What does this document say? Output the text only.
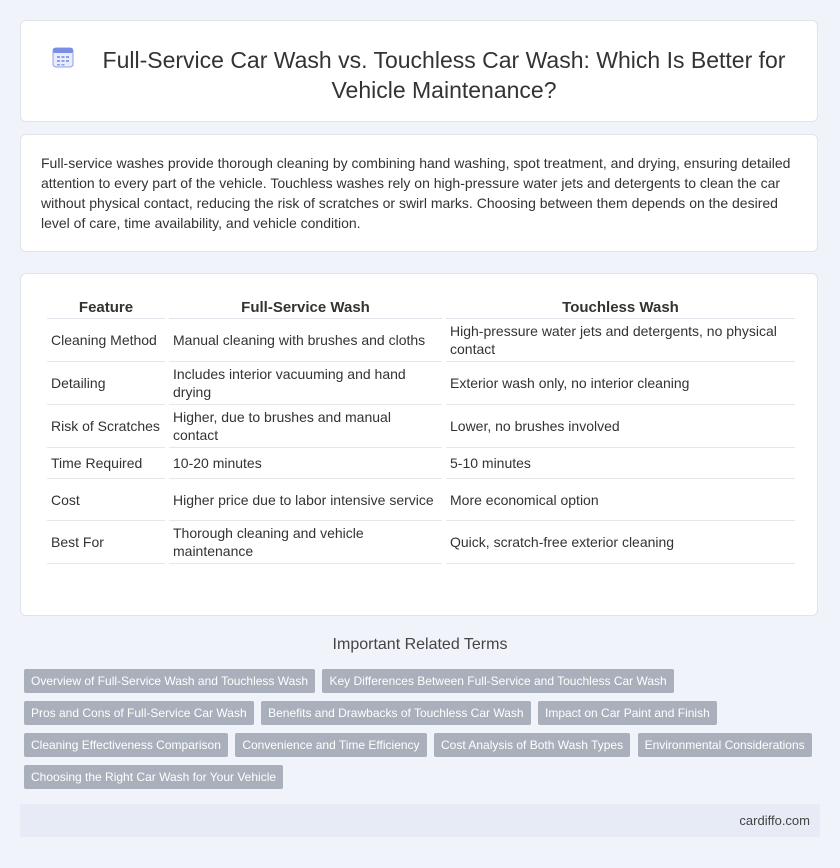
Full-Service Car Wash vs. Touchless Car Wash: Which Is Better for Vehicle Maintenance?

Full-service washes provide thorough cleaning by combining hand washing, spot treatment, and drying, ensuring detailed attention to every part of the vehicle. Touchless washes rely on high-pressure water jets and detergents to clean the car without physical contact, reducing the risk of scratches or swirl marks. Choosing between them depends on the desired level of care, time availability, and vehicle condition.

Feature	Full-Service Wash	Touchless Wash
Cleaning Method	Manual cleaning with brushes and cloths	High-pressure water jets and detergents, no physical contact
Detailing	Includes interior vacuuming and hand drying	Exterior wash only, no interior cleaning
Risk of Scratches	Higher, due to brushes and manual contact	Lower, no brushes involved
Time Required	10-20 minutes	5-10 minutes
Cost	Higher price due to labor intensive service	More economical option
Best For	Thorough cleaning and vehicle maintenance	Quick, scratch-free exterior cleaning
Important Related Terms
Overview of Full-Service Wash and Touchless Wash Key Differences Between Full-Service and Touchless Car Wash
Pros and Cons of Full-Service Car Wash Benefits and Drawbacks of Touchless Car Wash Impact on Car Paint and Finish
Cleaning Effectiveness Comparison Convenience and Time Efficiency Cost Analysis of Both Wash Types Environmental Considerations
Choosing the Right Car Wash for Your Vehicle
cardiffo.com
